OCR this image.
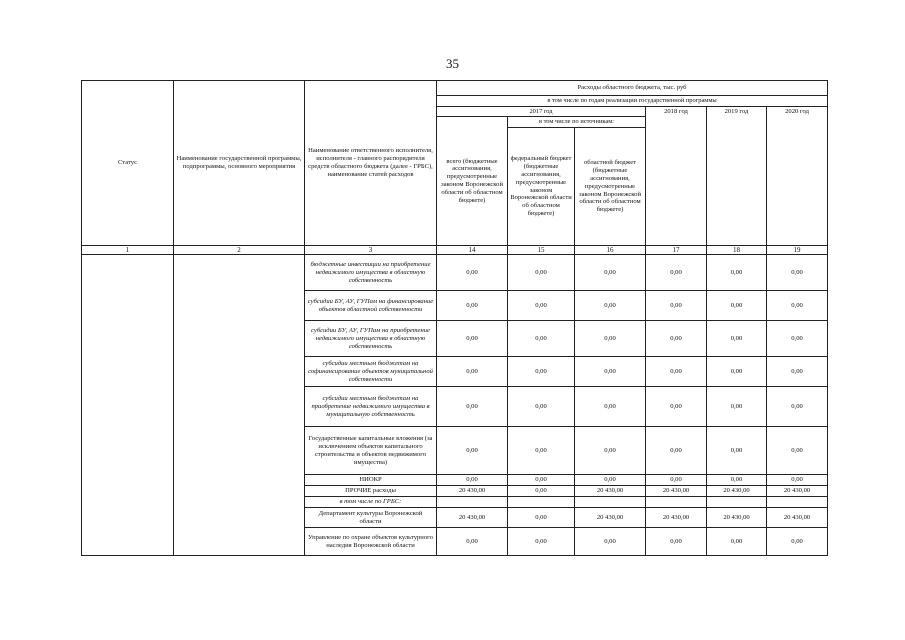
35
Статус	Наименование государственной программы, подпрограммы, основного мероприятия	Наименование ответственного исполнителя, исполнителя - главного распорядителя средств областного бюджета (далее - ГРБС), наименование статей расходов	Расходы областного бюджета, тыс. руб					
			в том числе по годам реализации государственной программы					
			2017 год			2018 год	2019 год	2020 год
			всего (бюджетные ассигнования, предусмотренные законом Воронежской области об областном бюджете)	в том числе по источникам:				
				федеральный бюджет (бюджетные ассигнования, предусмотренные законом Воронежской области об областном бюджете)	областной бюджет (бюджетные ассигнования, предусмотренные законом Воронежской области об областном бюджете)			
1	2	3	14	15	16	17	18	19
		бюджетные инвестиции на приобретение недвижимого имущества в областную собственность	0,00	0,00	0,00	0,00	0,00	0,00
		субсидии БУ, АУ, ГУПам на финансирование объектов областной собственности	0,00	0,00	0,00	0,00	0,00	0,00
		субсидии БУ, АУ, ГУПам на приобретение недвижимого имущества в областную собственность	0,00	0,00	0,00	0,00	0,00	0,00
		субсидии местным бюджетам на софинансирование объектов муниципальной собственности	0,00	0,00	0,00	0,00	0,00	0,00
		субсидии местным бюджетам на приобретение недвижимого имущества в муниципальную собственность	0,00	0,00	0,00	0,00	0,00	0,00
		Государственные капитальные вложения (за исключением объектов капитального строительства и объектов недвижимого имущества)	0,00	0,00	0,00	0,00	0,00	0,00
		НИОКР	0,00	0,00	0,00	0,00	0,00	0,00
		ПРОЧИЕ расходы	20 430,00	0,00	20 430,00	20 430,00	20 430,00	20 430,00
		в том числе по ГРБС:						
		Департамент культуры Воронежской области	20 430,00	0,00	20 430,00	20 430,00	20 430,00	20 430,00
		Управление по охране объектов культурного наследия Воронежской области	0,00	0,00	0,00	0,00	0,00	0,00
